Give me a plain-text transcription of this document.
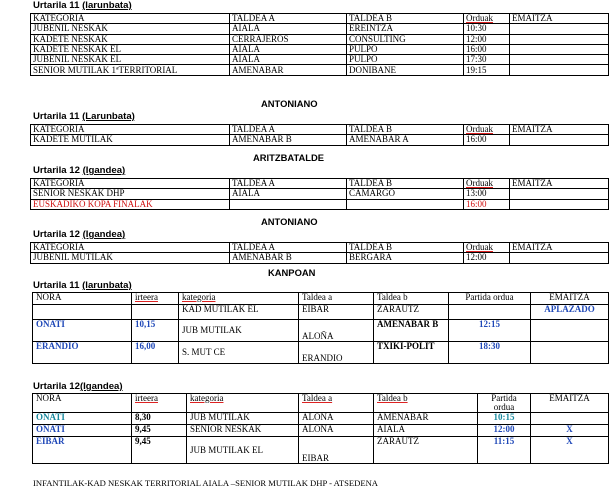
Urtarila 11 (larunbata)
KATEGORIA	TALDEA A	TALDEA B	Orduak	EMAITZA
JUBENIL NESKAK	AIALA	EREINTZA	10:30	
KADETE NESKAK	CERRAJEROS	CONSULTING	12:00	
KADETE NESKAK EL	AIALA	PULPO	16:00	
JUBENIL NESKAK EL	AIALA	PULPO	17:30	
SENIOR MUTILAK 1ªTERRITORIAL	AMENABAR	DONIBANE	19:15	
ANTONIANO
Urtarila 11 (Larunbata)
KATEGORIA	TALDEA A	TALDEA B	Orduak	EMAITZA
KADETE MUTILAK	AMENABAR B	AMENABAR A	16:00	
ARITZBATALDE
Urtarila 12 (Igandea)
KATEGORIA	TALDEA A	TALDEA B	Orduak	EMAITZA
SENIOR NESKAK DHP	AIALA	CAMARGO	13:00	
EUSKADIKO KOPA FINALAK			16:00	
ANTONIANO
Urtarila 12 (Igandea)
KATEGORIA	TALDEA A	TALDEA B	Orduak	EMAITZA
JUBENIL MUTILAK	AMENABAR B	BERGARA	12:00	
KANPOAN
Urtarila 11 (larunbata)
NORA	irteera	kategoria	Taldea a	Taldea b	Partida ordua	EMAITZA
		KAD MUTILAK EL	EIBAR	ZARAUTZ		APLAZADO
ONATI	10,15	JUB MUTILAK	ALOÑA	AMENABAR B	12:15	
ERANDIO	16,00	S. MUT CE	ERANDIO	TXIKI-POLIT	18:30	
Urtarila 12(Igandea)
NORA	irteera	kategoria	Taldea a	Taldea b	Partida ordua	EMAITZA
ONATI	8,30	JUB MUTILAK	ALONA	AMENABAR	10:15	
ONATI	9,45	SENIOR NESKAK	ALOÑA	AIALA	12:00	X
EIBAR	9,45	JUB MUTILAK EL	EIBAR	ZARAUTZ	11:15	X
INFANTILAK-KAD NESKAK TERRITORIAL AIALA –SENIOR MUTILAK DHP - ATSEDENA
